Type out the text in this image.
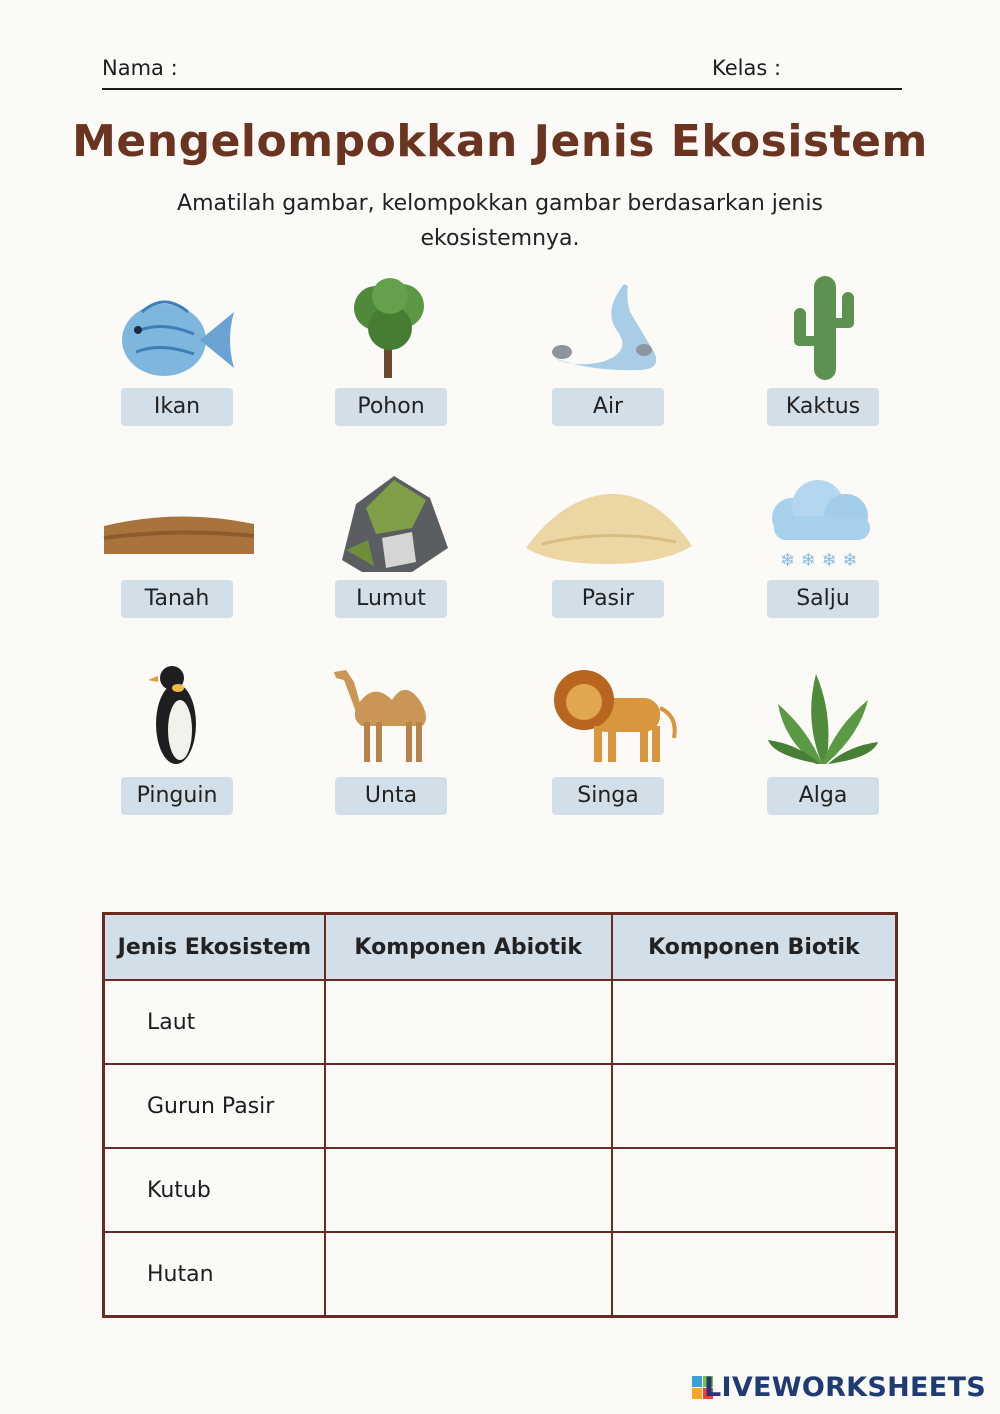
Nama :	Kelas :
Mengelompokkan Jenis Ekosistem
Amatilah gambar, kelompokkan gambar berdasarkan jenis ekosistemnya.
Ikan	Pohon	Air	Kaktus
Tanah	Lumut	Pasir
❄ ❄ ❄ ❄
Salju
Pinguin	Unta	Singa	Alga
Jenis Ekosistem	Komponen Abiotik	Komponen Biotik
Laut		
Gurun Pasir		
Kutub		
Hutan		
LIVEWORKSHEETS
